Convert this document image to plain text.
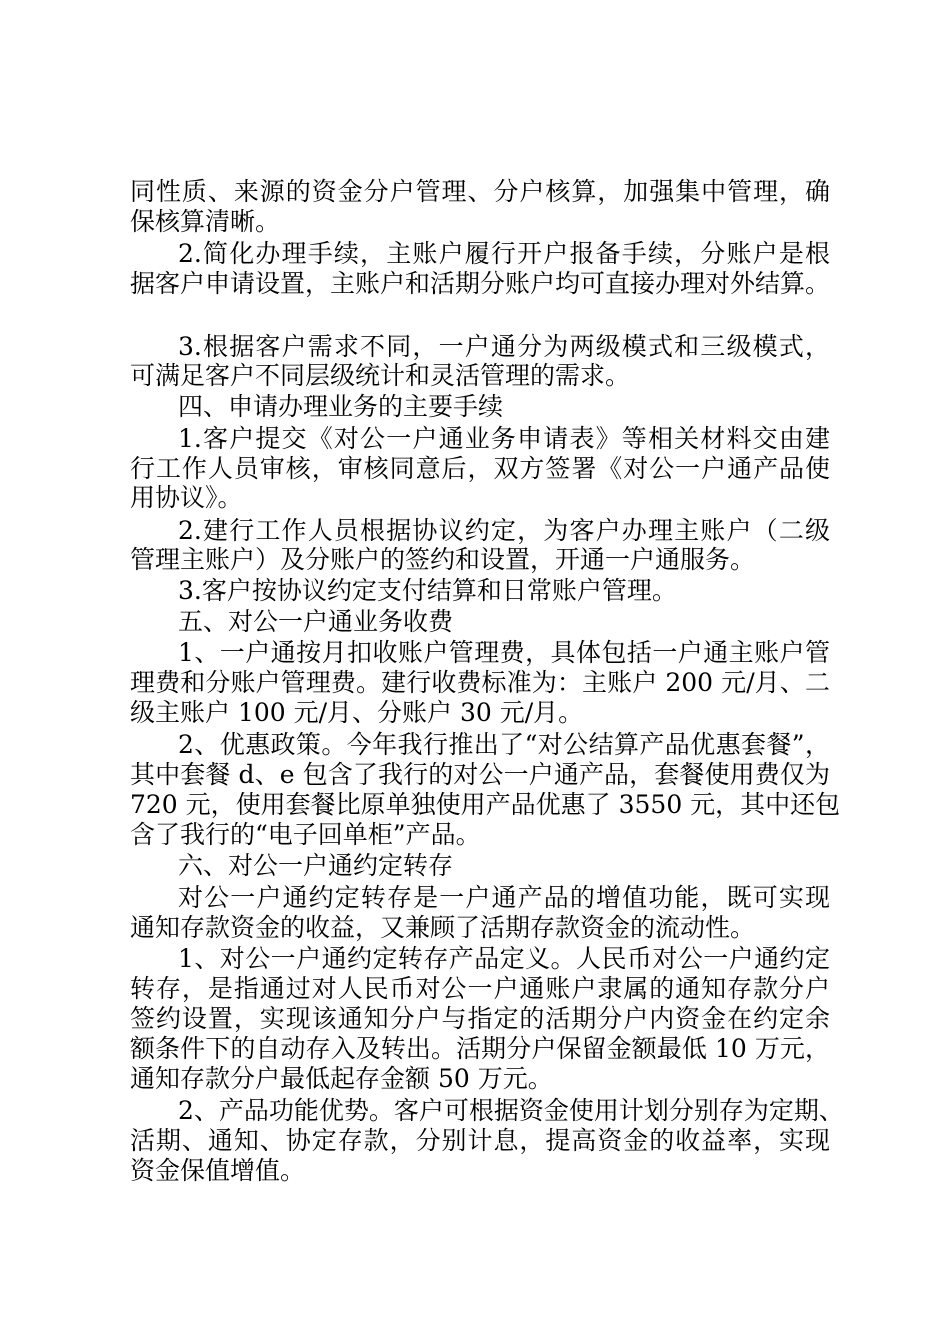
同性质、来源的资金分户管理、分户核算，加强集中管理，确
保核算清晰。
2.简化办理手续，主账户履行开户报备手续，分账户是根
据客户申请设置，主账户和活期分账户均可直接办理对外结算。
3.根据客户需求不同，一户通分为两级模式和三级模式，
可满足客户不同层级统计和灵活管理的需求。
四、申请办理业务的主要手续
1.客户提交《对公一户通业务申请表》等相关材料交由建
行工作人员审核，审核同意后，双方签署《对公一户通产品使
用协议》。
2.建行工作人员根据协议约定，为客户办理主账户（二级
管理主账户）及分账户的签约和设置，开通一户通服务。
3.客户按协议约定支付结算和日常账户管理。
五、对公一户通业务收费
1、一户通按月扣收账户管理费，具体包括一户通主账户管
理费和分账户管理费。建行收费标准为：主账户 200 元/月、二
级主账户 100 元/月、分账户 30 元/月。
2、优惠政策。今年我行推出了“对公结算产品优惠套餐”，
其中套餐 d、e 包含了我行的对公一户通产品，套餐使用费仅为
720 元，使用套餐比原单独使用产品优惠了 3550 元，其中还包
含了我行的“电子回单柜”产品。
六、对公一户通约定转存
对公一户通约定转存是一户通产品的增值功能，既可实现
通知存款资金的收益，又兼顾了活期存款资金的流动性。
1、对公一户通约定转存产品定义。人民币对公一户通约定
转存，是指通过对人民币对公一户通账户隶属的通知存款分户
签约设置，实现该通知分户与指定的活期分户内资金在约定余
额条件下的自动存入及转出。活期分户保留金额最低 10 万元，
通知存款分户最低起存金额 50 万元。
2、产品功能优势。客户可根据资金使用计划分别存为定期、
活期、通知、协定存款，分别计息，提高资金的收益率，实现
资金保值增值。
